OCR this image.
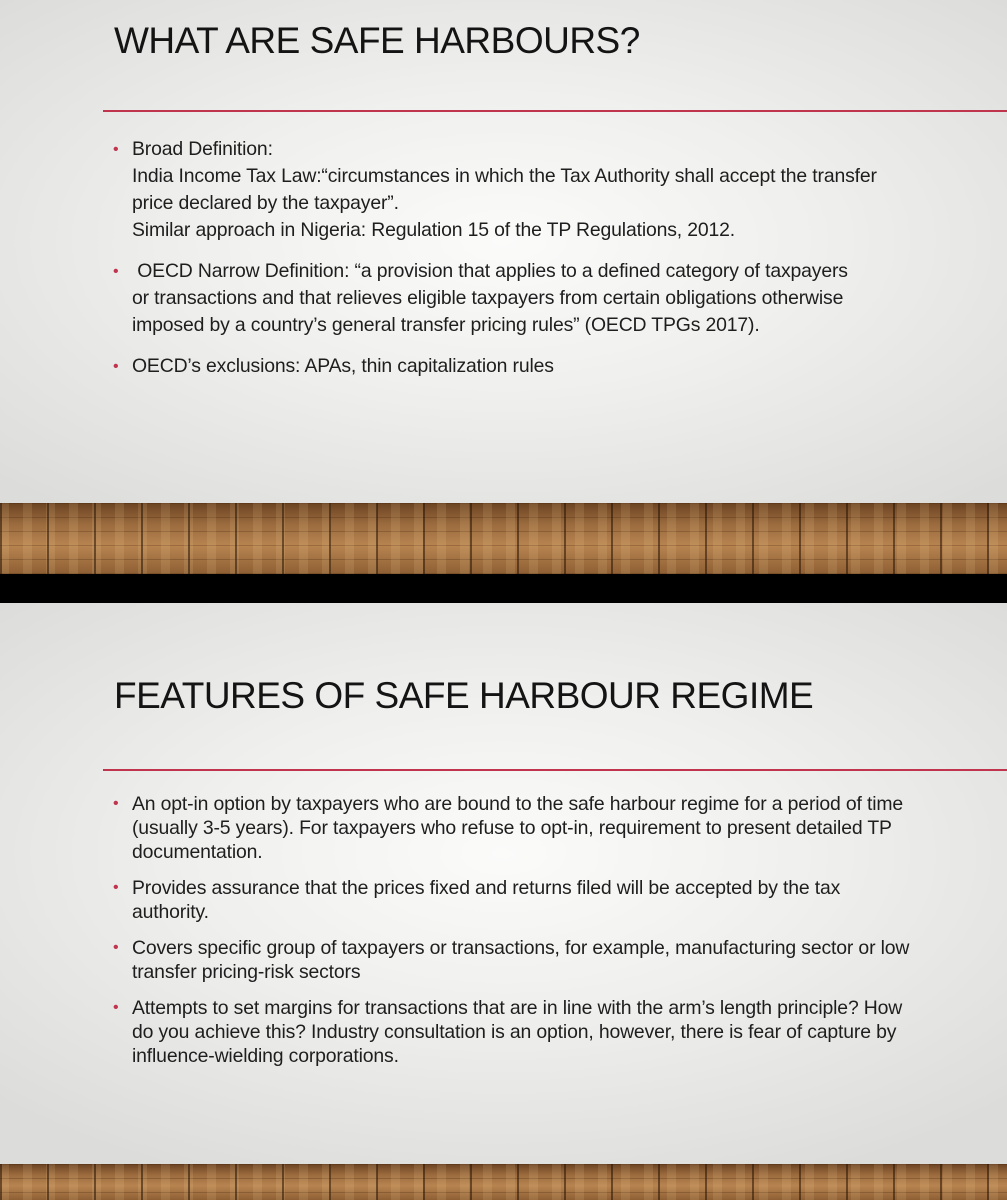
WHAT ARE SAFE HARBOURS?
• Broad Definition:
India Income Tax Law:“circumstances in which the Tax Authority shall accept the transfer
price declared by the taxpayer”.
Similar approach in Nigeria: Regulation 15 of the TP Regulations, 2012.
• OECD Narrow Definition: “a provision that applies to a defined category of taxpayers
or transactions and that relieves eligible taxpayers from certain obligations otherwise
imposed by a country’s general transfer pricing rules” (OECD TPGs 2017).
• OECD’s exclusions: APAs, thin capitalization rules
FEATURES OF SAFE HARBOUR REGIME
• An opt-in option by taxpayers who are bound to the safe harbour regime for a period of time
(usually 3-5 years). For taxpayers who refuse to opt-in, requirement to present detailed TP
documentation.
• Provides assurance that the prices fixed and returns filed will be accepted by the tax
authority.
• Covers specific group of taxpayers or transactions, for example, manufacturing sector or low
transfer pricing-risk sectors
• Attempts to set margins for transactions that are in line with the arm’s length principle? How
do you achieve this? Industry consultation is an option, however, there is fear of capture by
influence-wielding corporations.
